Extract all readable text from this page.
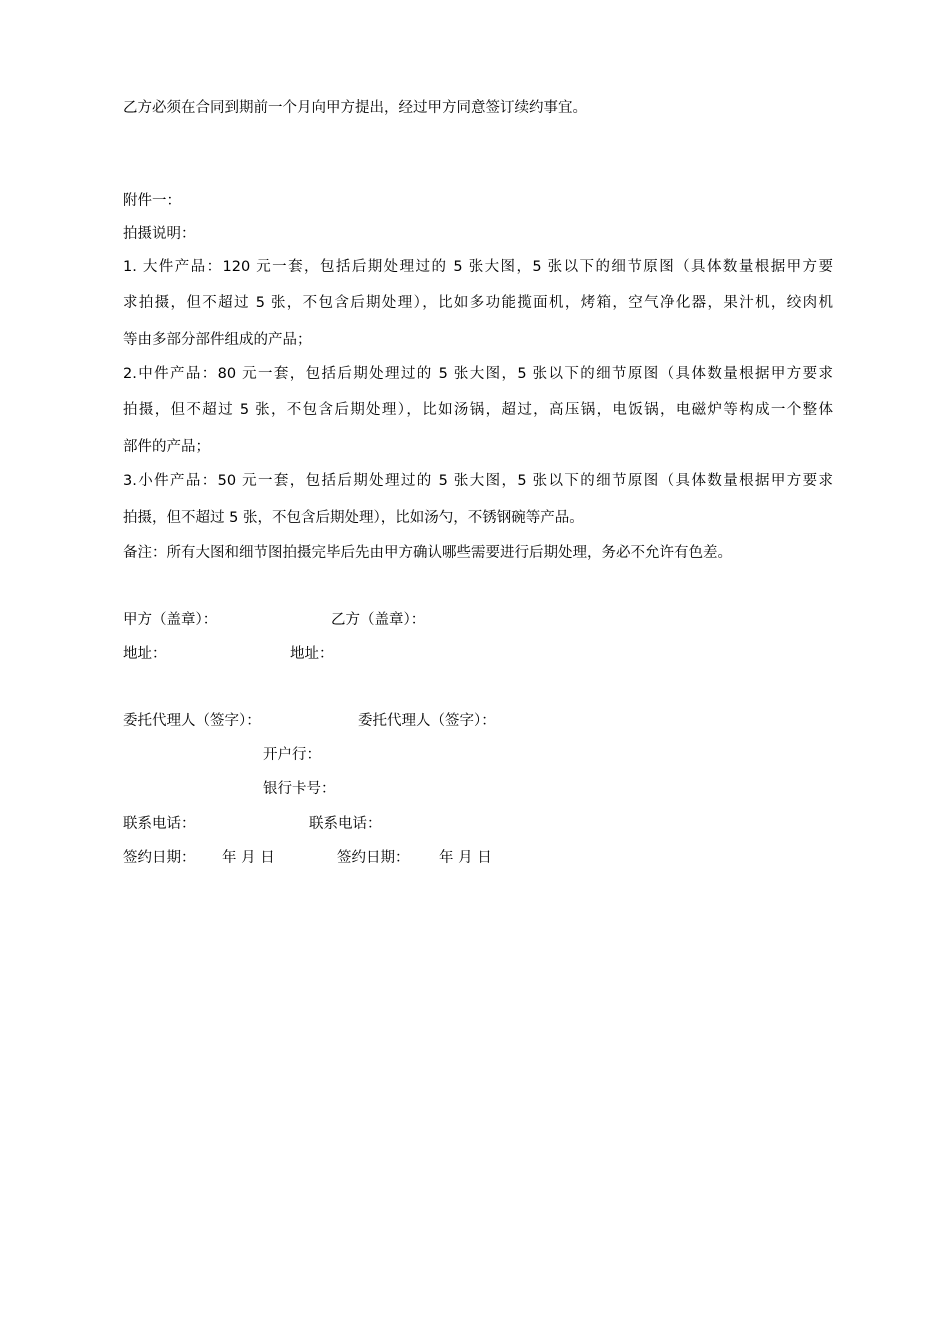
乙方必须在合同到期前一个月向甲方提出，经过甲方同意签订续约事宜。
附件一：
拍摄说明：
1. 大件产品：120 元一套，包括后期处理过的 5 张大图，5 张以下的细节原图（具体数量根据甲方要
求拍摄，但不超过 5 张，不包含后期处理），比如多功能揽面机，烤箱，空气净化器，果汁机，绞肉机
等由多部分部件组成的产品；
2.中件产品：80 元一套，包括后期处理过的 5 张大图，5 张以下的细节原图（具体数量根据甲方要求
拍摄，但不超过 5 张，不包含后期处理），比如汤锅，超过，高压锅，电饭锅，电磁炉等构成一个整体
部件的产品；
3.小件产品：50 元一套，包括后期处理过的 5 张大图，5 张以下的细节原图（具体数量根据甲方要求
拍摄，但不超过 5 张，不包含后期处理），比如汤勺，不锈钢碗等产品。
备注：所有大图和细节图拍摄完毕后先由甲方确认哪些需要进行后期处理，务必不允许有色差。
甲方（盖章）：	乙方（盖章）：
地址：	地址：
委托代理人（签字）：	委托代理人（签字）：
开户行：
银行卡号：
联系电话：	联系电话：
签约日期： 年 月 日	签约日期： 年 月 日
